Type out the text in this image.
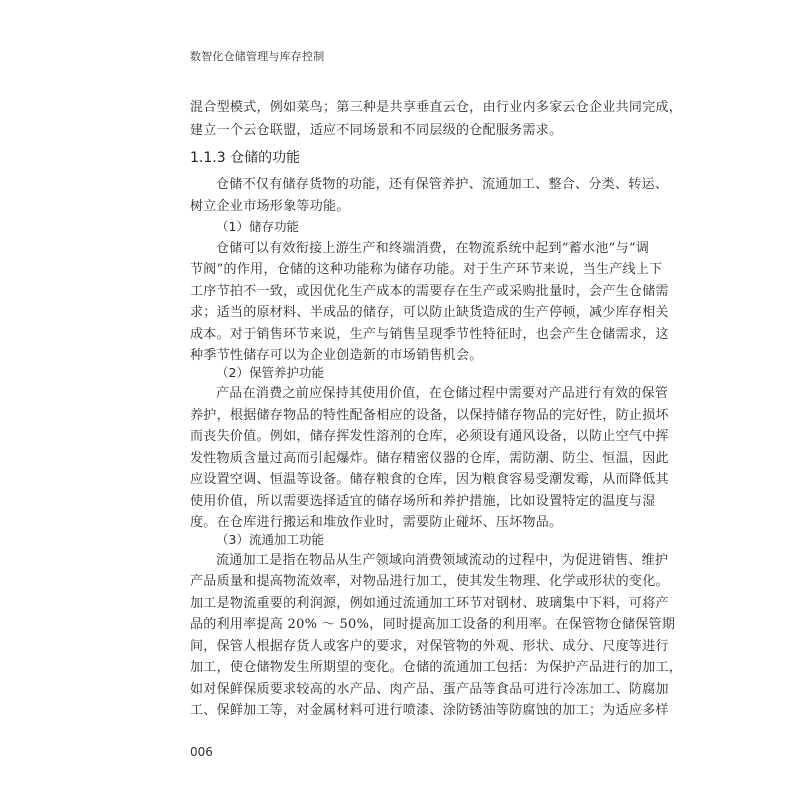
数智化仓储管理与库存控制
混合型模式，例如菜鸟；第三种是共享垂直云仓，由行业内多家云仓企业共同完成，
建立一个云仓联盟，适应不同场景和不同层级的仓配服务需求。
1.1.3 仓储的功能
仓储不仅有储存货物的功能，还有保管养护、流通加工、整合、分类、转运、
树立企业市场形象等功能。
（1）储存功能
仓储可以有效衔接上游生产和终端消费，在物流系统中起到“蓄水池”与“调
节阀”的作用，仓储的这种功能称为储存功能。对于生产环节来说，当生产线上下
工序节拍不一致，或因优化生产成本的需要存在生产或采购批量时，会产生仓储需
求；适当的原材料、半成品的储存，可以防止缺货造成的生产停顿，减少库存相关
成本。对于销售环节来说，生产与销售呈现季节性特征时，也会产生仓储需求，这
种季节性储存可以为企业创造新的市场销售机会。
（2）保管养护功能
产品在消费之前应保持其使用价值，在仓储过程中需要对产品进行有效的保管
养护，根据储存物品的特性配备相应的设备，以保持储存物品的完好性，防止损坏
而丧失价值。例如，储存挥发性溶剂的仓库，必须设有通风设备，以防止空气中挥
发性物质含量过高而引起爆炸。储存精密仪器的仓库，需防潮、防尘、恒温，因此
应设置空调、恒温等设备。储存粮食的仓库，因为粮食容易受潮发霉，从而降低其
使用价值，所以需要选择适宜的储存场所和养护措施，比如设置特定的温度与湿
度。在仓库进行搬运和堆放作业时，需要防止碰坏、压坏物品。
（3）流通加工功能
流通加工是指在物品从生产领域向消费领域流动的过程中，为促进销售、维护
产品质量和提高物流效率，对物品进行加工，使其发生物理、化学或形状的变化。
加工是物流重要的利润源，例如通过流通加工环节对钢材、玻璃集中下料，可将产
品的利用率提高 20% ～ 50%，同时提高加工设备的利用率。在保管物仓储保管期
间，保管人根据存货人或客户的要求，对保管物的外观、形状、成分、尺度等进行
加工，使仓储物发生所期望的变化。仓储的流通加工包括：为保护产品进行的加工，
如对保鲜保质要求较高的水产品、肉产品、蛋产品等食品可进行冷冻加工、防腐加
工、保鲜加工等，对金属材料可进行喷漆、涂防锈油等防腐蚀的加工；为适应多样
006
